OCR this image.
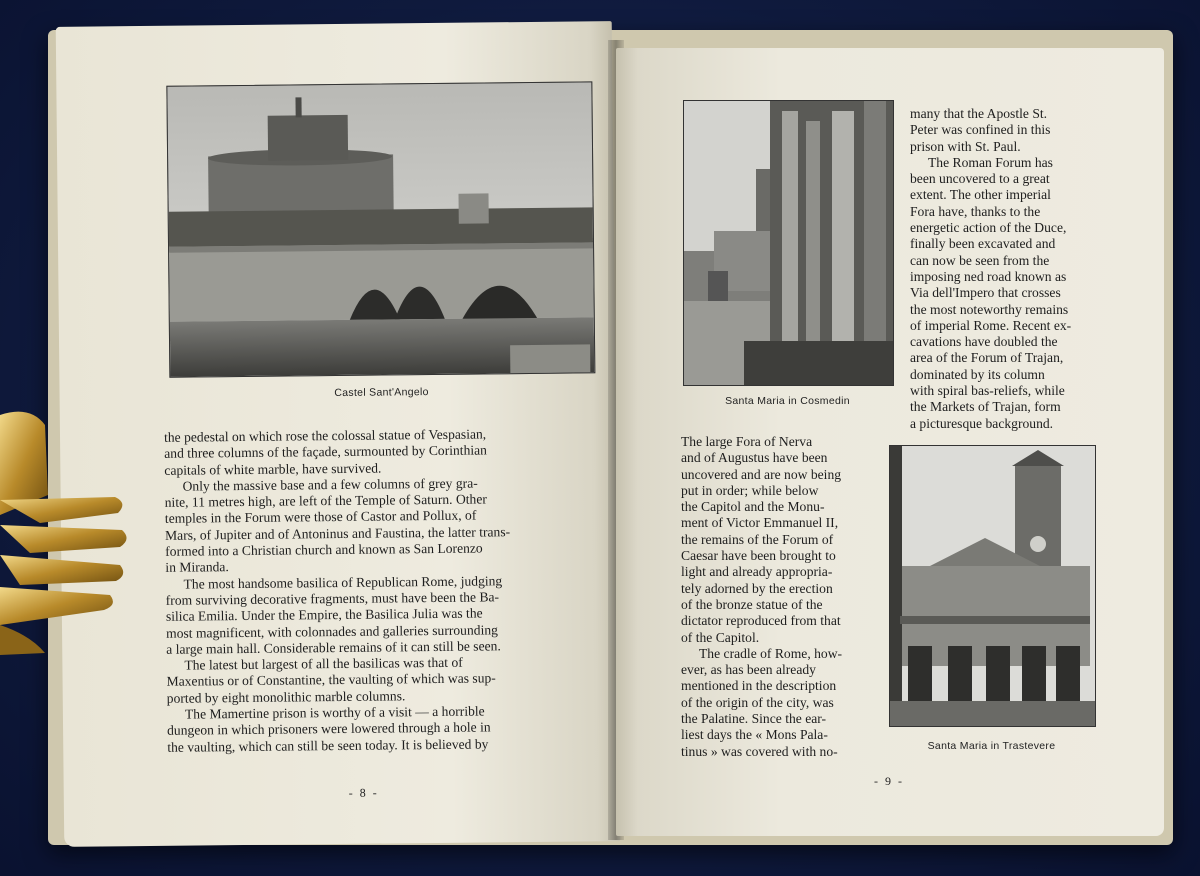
Castel Sant'Angelo
the pedestal on which rose the colossal statue of Vespasian,
and three columns of the façade, surmounted by Corinthian
capitals of white marble, have survived.
Only the massive base and a few columns of grey gra-
nite, 11 metres high, are left of the Temple of Saturn. Other
temples in the Forum were those of Castor and Pollux, of
Mars, of Jupiter and of Antoninus and Faustina, the latter trans-
formed into a Christian church and known as San Lorenzo
in Miranda.
The most handsome basilica of Republican Rome, judging
from surviving decorative fragments, must have been the Ba-
silica Emilia. Under the Empire, the Basilica Julia was the
most magnificent, with colonnades and galleries surrounding
a large main hall. Considerable remains of it can still be seen.
The latest but largest of all the basilicas was that of
Maxentius or of Constantine, the vaulting of which was sup-
ported by eight monolithic marble columns.
The Mamertine prison is worthy of a visit — a horrible
dungeon in which prisoners were lowered through a hole in
the vaulting, which can still be seen today. It is believed by
- 8 -
Santa Maria in Cosmedin
many that the Apostle St.
Peter was confined in this
prison with St. Paul.
The Roman Forum has
been uncovered to a great
extent. The other imperial
Fora have, thanks to the
energetic action of the Duce,
finally been excavated and
can now be seen from the
imposing ned road known as
Via dell'Impero that crosses
the most noteworthy remains
of imperial Rome. Recent ex-
cavations have doubled the
area of the Forum of Trajan,
dominated by its column
with spiral bas-reliefs, while
the Markets of Trajan, form
a picturesque background.
The large Fora of Nerva
and of Augustus have been
uncovered and are now being
put in order; while below
the Capitol and the Monu-
ment of Victor Emmanuel II,
the remains of the Forum of
Caesar have been brought to
light and already appropria-
tely adorned by the erection
of the bronze statue of the
dictator reproduced from that
of the Capitol.
The cradle of Rome, how-
ever, as has been already
mentioned in the description
of the origin of the city, was
the Palatine. Since the ear-
liest days the « Mons Pala-
tinus » was covered with no-	Santa Maria in Trastevere
- 9 -
